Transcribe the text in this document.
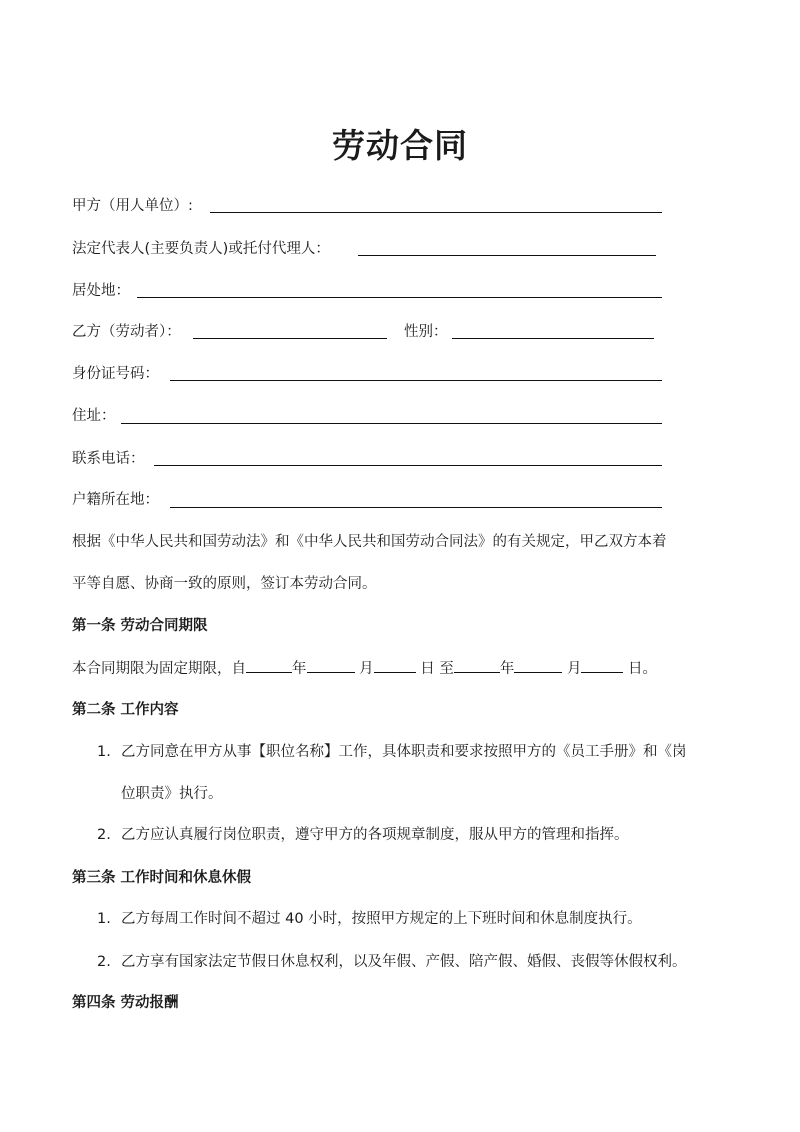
劳动合同
甲方（用人单位）:
法定代表人(主要负责人)或托付代理人：
居处地：
乙方（劳动者）：	性别：
身份证号码：
住址：
联系电话：
户籍所在地：
根据《中华人民共和国劳动法》和《中华人民共和国劳动合同法》的有关规定，甲乙双方本着
平等自愿、协商一致的原则，签订本劳动合同。
第一条 劳动合同期限
本合同期限为固定期限，自	年	月	日 至	年	月	日。
第二条 工作内容
1. 乙方同意在甲方从事【职位名称】工作，具体职责和要求按照甲方的《员工手册》和《岗
位职责》执行。
2. 乙方应认真履行岗位职责，遵守甲方的各项规章制度，服从甲方的管理和指挥。
第三条 工作时间和休息休假
1. 乙方每周工作时间不超过 40 小时，按照甲方规定的上下班时间和休息制度执行。
2. 乙方享有国家法定节假日休息权利，以及年假、产假、陪产假、婚假、丧假等休假权利。
第四条 劳动报酬
